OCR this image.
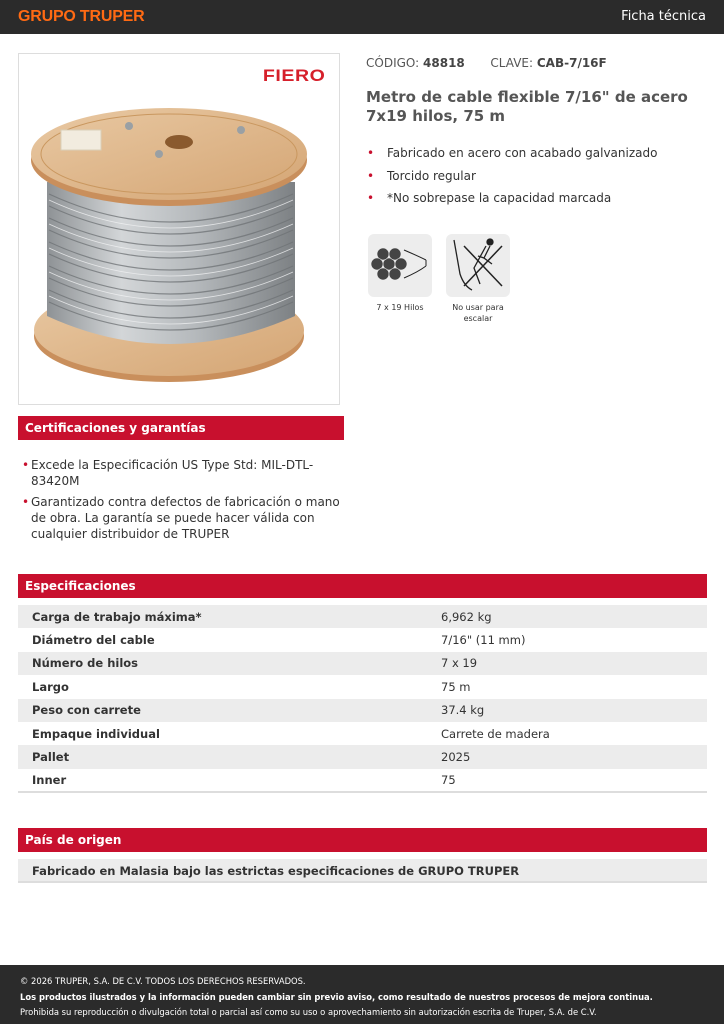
GRUPO TRUPER	Ficha técnica
FIERO
CÓDIGO: 48818 CLAVE: CAB-7/16F
Metro de cable flexible 7/16" de acero 7x19 hilos, 75 m
• Fabricado en acero con acabado galvanizado
• Torcido regular
• *No sobrepase la capacidad marcada
7 x 19 Hilos	No usar para escalar
Certificaciones y garantías
• Excede la Especificación US Type Std: MIL-DTL-83420M
• Garantizado contra defectos de fabricación o mano de obra. La garantía se puede hacer válida con cualquier distribuidor de TRUPER
Especificaciones
Carga de trabajo máxima*	6,962 kg
Diámetro del cable	7/16" (11 mm)
Número de hilos	7 x 19
Largo	75 m
Peso con carrete	37.4 kg
Empaque individual	Carrete de madera
Pallet	2025
Inner	75
País de origen
Fabricado en Malasia bajo las estrictas especificaciones de GRUPO TRUPER
© 2026 TRUPER, S.A. DE C.V. TODOS LOS DERECHOS RESERVADOS.
Los productos ilustrados y la información pueden cambiar sin previo aviso, como resultado de nuestros procesos de mejora continua.
Prohibida su reproducción o divulgación total o parcial así como su uso o aprovechamiento sin autorización escrita de Truper, S.A. de C.V.
